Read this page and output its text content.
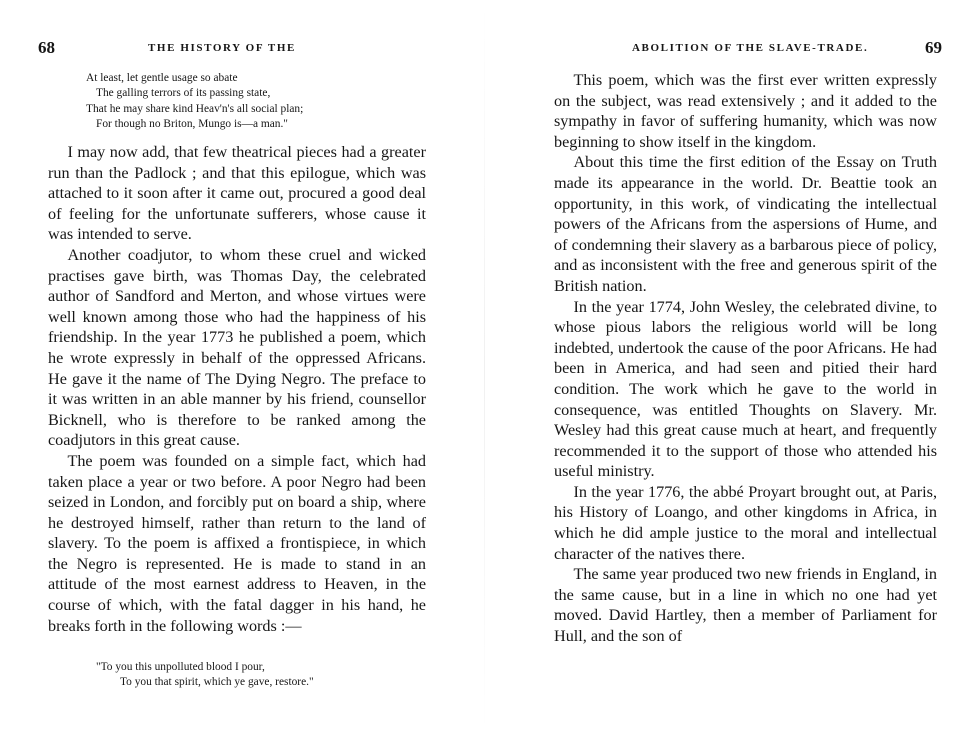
68	THE HISTORY OF THE
At least, let gentle usage so abate
The galling terrors of its passing state,
That he may share kind Heav'n's all social plan;
For though no Briton, Mungo is—a man."

I may now add, that few theatrical pieces had a greater run than the Padlock ; and that this epilogue, which was attached to it soon after it came out, procured a good deal of feeling for the unfortunate sufferers, whose cause it was intended to serve.

Another coadjutor, to whom these cruel and wicked practises gave birth, was Thomas Day, the celebrated author of Sandford and Merton, and whose virtues were well known among those who had the happiness of his friendship. In the year 1773 he published a poem, which he wrote expressly in behalf of the oppressed Africans. He gave it the name of The Dying Negro. The preface to it was written in an able manner by his friend, counsellor Bicknell, who is therefore to be ranked among the coadjutors in this great cause.

The poem was founded on a simple fact, which had taken place a year or two before. A poor Negro had been seized in London, and forcibly put on board a ship, where he destroyed himself, rather than return to the land of slavery. To the poem is affixed a frontispiece, in which the Negro is represented. He is made to stand in an attitude of the most earnest address to Heaven, in the course of which, with the fatal dagger in his hand, he breaks forth in the following words :—

"To you this unpolluted blood I pour,
To you that spirit, which ye gave, restore."
ABOLITION OF THE SLAVE-TRADE.	69

This poem, which was the first ever written expressly on the subject, was read extensively ; and it added to the sympathy in favor of suffering humanity, which was now beginning to show itself in the kingdom.

About this time the first edition of the Essay on Truth made its appearance in the world. Dr. Beattie took an opportunity, in this work, of vindicating the intellectual powers of the Africans from the aspersions of Hume, and of condemning their slavery as a barbarous piece of policy, and as inconsistent with the free and generous spirit of the British nation.

In the year 1774, John Wesley, the celebrated divine, to whose pious labors the religious world will be long indebted, undertook the cause of the poor Africans. He had been in America, and had seen and pitied their hard condition. The work which he gave to the world in consequence, was entitled Thoughts on Slavery. Mr. Wesley had this great cause much at heart, and frequently recommended it to the support of those who attended his useful ministry.

In the year 1776, the abbé Proyart brought out, at Paris, his History of Loango, and other kingdoms in Africa, in which he did ample justice to the moral and intellectual character of the natives there.

The same year produced two new friends in England, in the same cause, but in a line in which no one had yet moved. David Hartley, then a member of Parliament for Hull, and the son of
